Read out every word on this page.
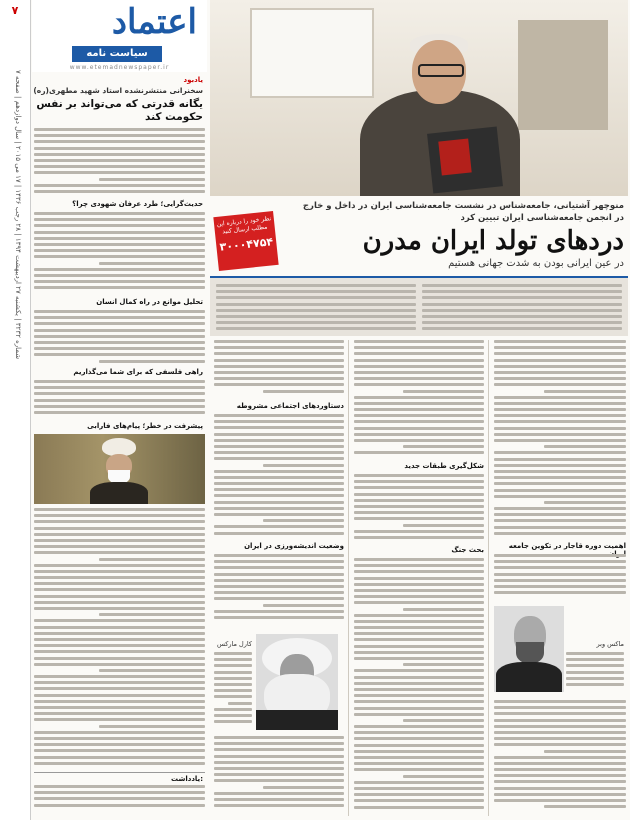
۷
شماره ۳۲۳۲ | یکشنبه ۲۷ اردیبهشت ۱۳۹۴ | ۲۸ رجب ۱۴۳۶ | ۱۷ می ۲۰۱۵ | سال دوازدهم | صفحه ۷
اعتماد
سیاست نامه
www.etemadnewspaper.ir
یادبود
سخنرانی منتشرنشده استاد شهید مطهری(ره)
یگانه قدرتی که می‌تواند بر نفس حکومت کند
حدیث‌گرایی؛ طرد عرفان شهودی چرا؟
تحلیل موانع در راه کمال انسان
راهی فلسفی که برای شما می‌گذاریم
پیشرفت در خطر؛ پیام‌های فارابی
یادداشت:
منوچهر آشتیانی، جامعه‌شناس در نشست جامعه‌شناسی ایران در داخل و خارج
در انجمن جامعه‌شناسی ایران تبیین کرد
دردهای تولد ایران مدرن
در عین ایرانی بودن به شدت جهانی هستیم
نظر خود را درباره این مطلب ارسال کنید
۳۰۰۰۴۷۵۴
اهمیت دوره قاجار در تکوین جامعه
ماکس وبر
شکل‌گیری طبقات جدید
بحث جنگ
دستاوردهای اجتماعی مشروطه
وضعیت اندیشه‌ورزی در ایران
کارل مارکس
